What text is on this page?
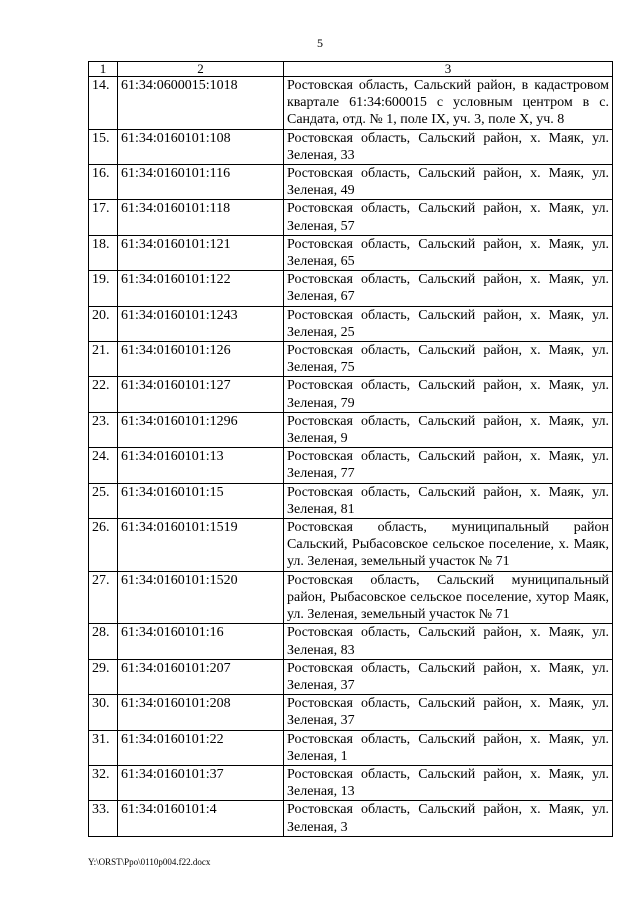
5
1	2	3
14.	61:34:0600015:1018	Ростовская область, Сальский район, в кадастровом квартале 61:34:600015 с условным центром в с. Сандата, отд. № 1, поле IX, уч. 3, поле X, уч. 8
15.	61:34:0160101:108	Ростовская область, Сальский район, х. Маяк, ул. Зеленая, 33
16.	61:34:0160101:116	Ростовская область, Сальский район, х. Маяк, ул. Зеленая, 49
17.	61:34:0160101:118	Ростовская область, Сальский район, х. Маяк, ул. Зеленая, 57
18.	61:34:0160101:121	Ростовская область, Сальский район, х. Маяк, ул. Зеленая, 65
19.	61:34:0160101:122	Ростовская область, Сальский район, х. Маяк, ул. Зеленая, 67
20.	61:34:0160101:1243	Ростовская область, Сальский район, х. Маяк, ул. Зеленая, 25
21.	61:34:0160101:126	Ростовская область, Сальский район, х. Маяк, ул. Зеленая, 75
22.	61:34:0160101:127	Ростовская область, Сальский район, х. Маяк, ул. Зеленая, 79
23.	61:34:0160101:1296	Ростовская область, Сальский район, х. Маяк, ул. Зеленая, 9
24.	61:34:0160101:13	Ростовская область, Сальский район, х. Маяк, ул. Зеленая, 77
25.	61:34:0160101:15	Ростовская область, Сальский район, х. Маяк, ул. Зеленая, 81
26.	61:34:0160101:1519	Ростовская область, муниципальный район Сальский, Рыбасовское сельское поселение, х. Маяк, ул. Зеленая, земельный участок № 71
27.	61:34:0160101:1520	Ростовская область, Сальский муниципальный район, Рыбасовское сельское поселение, хутор Маяк, ул. Зеленая, земельный участок № 71
28.	61:34:0160101:16	Ростовская область, Сальский район, х. Маяк, ул. Зеленая, 83
29.	61:34:0160101:207	Ростовская область, Сальский район, х. Маяк, ул. Зеленая, 37
30.	61:34:0160101:208	Ростовская область, Сальский район, х. Маяк, ул. Зеленая, 37
31.	61:34:0160101:22	Ростовская область, Сальский район, х. Маяк, ул. Зеленая, 1
32.	61:34:0160101:37	Ростовская область, Сальский район, х. Маяк, ул. Зеленая, 13
33.	61:34:0160101:4	Ростовская область, Сальский район, х. Маяк, ул. Зеленая, 3
Y:\ORST\Ppo\0110p004.f22.docx
